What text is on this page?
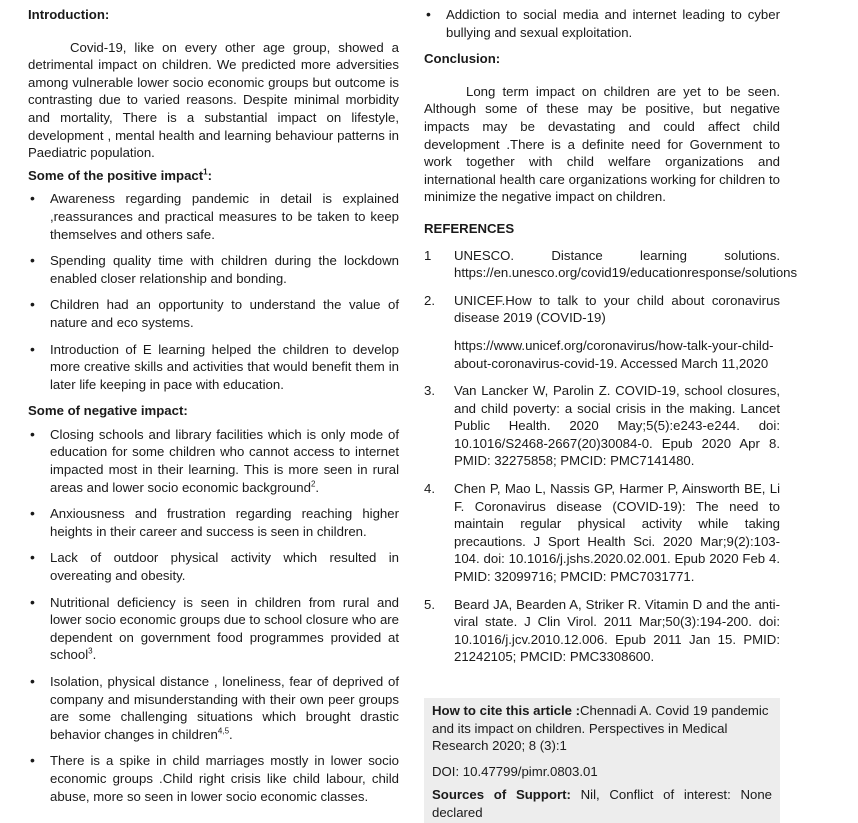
Introduction:

Covid-19, like on every other age group, showed a detrimental impact on children. We predicted more adversities among vulnerable lower socio economic groups but outcome is contrasting due to varied reasons. Despite minimal morbidity and mortality, There is a substantial impact on lifestyle, development , mental health and learning behaviour patterns in Paediatric population.

Some of the positive impact$^1$:

• Awareness regarding pandemic in detail is explained ,reassurances and practical measures to be taken to keep themselves and others safe.
• Spending quality time with children during the lockdown enabled closer relationship and bonding.
• Children had an opportunity to understand the value of nature and eco systems.
• Introduction of E learning helped the children to develop more creative skills and activities that would benefit them in later life keeping in pace with education.

Some of negative impact:

• Closing schools and library facilities which is only mode of education for some children who cannot access to internet impacted most in their learning. This is more seen in rural areas and lower socio economic background$^2$.
• Anxiousness and frustration regarding reaching higher heights in their career and success is seen in children.
• Lack of outdoor physical activity which resulted in overeating and obesity.
• Nutritional deficiency is seen in children from rural and lower socio economic groups due to school closure who are dependent on government food programmes provided at school$^3$.
• Isolation, physical distance , loneliness, fear of deprived of company and misunderstanding with their own peer groups are some challenging situations which brought drastic behavior changes in children$^{4,5}$.
• There is a spike in child marriages mostly in lower socio economic groups .Child right crisis like child labour, child abuse, more so seen in lower socio economic classes.
• Addiction to social media and internet leading to cyber bullying and sexual exploitation.

Conclusion:

Long term impact on children are yet to be seen. Although some of these may be positive, but negative impacts may be devastating and could affect child development .There is a definite need for Government to work together with child welfare organizations and international health care organizations working for children to minimize the negative impact on children.

REFERENCES

1 UNESCO. Distance learning solutions. https://en.unesco.org/covid19/educationresponse/solutions
2. UNICEF.How to talk to your child about coronavirus disease 2019 (COVID-19)
https://www.unicef.org/coronavirus/how-talk-your-child-about-coronavirus-covid-19. Accessed March 11,2020
3. Van Lancker W, Parolin Z. COVID-19, school closures, and child poverty: a social crisis in the making. Lancet Public Health. 2020 May;5(5):e243-e244. doi: 10.1016/S2468-2667(20)30084-0. Epub 2020 Apr 8. PMID: 32275858; PMCID: PMC7141480.
4. Chen P, Mao L, Nassis GP, Harmer P, Ainsworth BE, Li F. Coronavirus disease (COVID-19): The need to maintain regular physical activity while taking precautions. J Sport Health Sci. 2020 Mar;9(2):103-104. doi: 10.1016/j.jshs.2020.02.001. Epub 2020 Feb 4. PMID: 32099716; PMCID: PMC7031771.
5. Beard JA, Bearden A, Striker R. Vitamin D and the anti-viral state. J Clin Virol. 2011 Mar;50(3):194-200. doi: 10.1016/j.jcv.2010.12.006. Epub 2011 Jan 15. PMID: 21242105; PMCID: PMC3308600.

How to cite this article :Chennadi A. Covid 19 pandemic and its impact on children. Perspectives in Medical Research 2020; 8 (3):1

DOI: 10.47799/pimr.0803.01

Sources of Support: Nil, Conflict of interest: None declared
